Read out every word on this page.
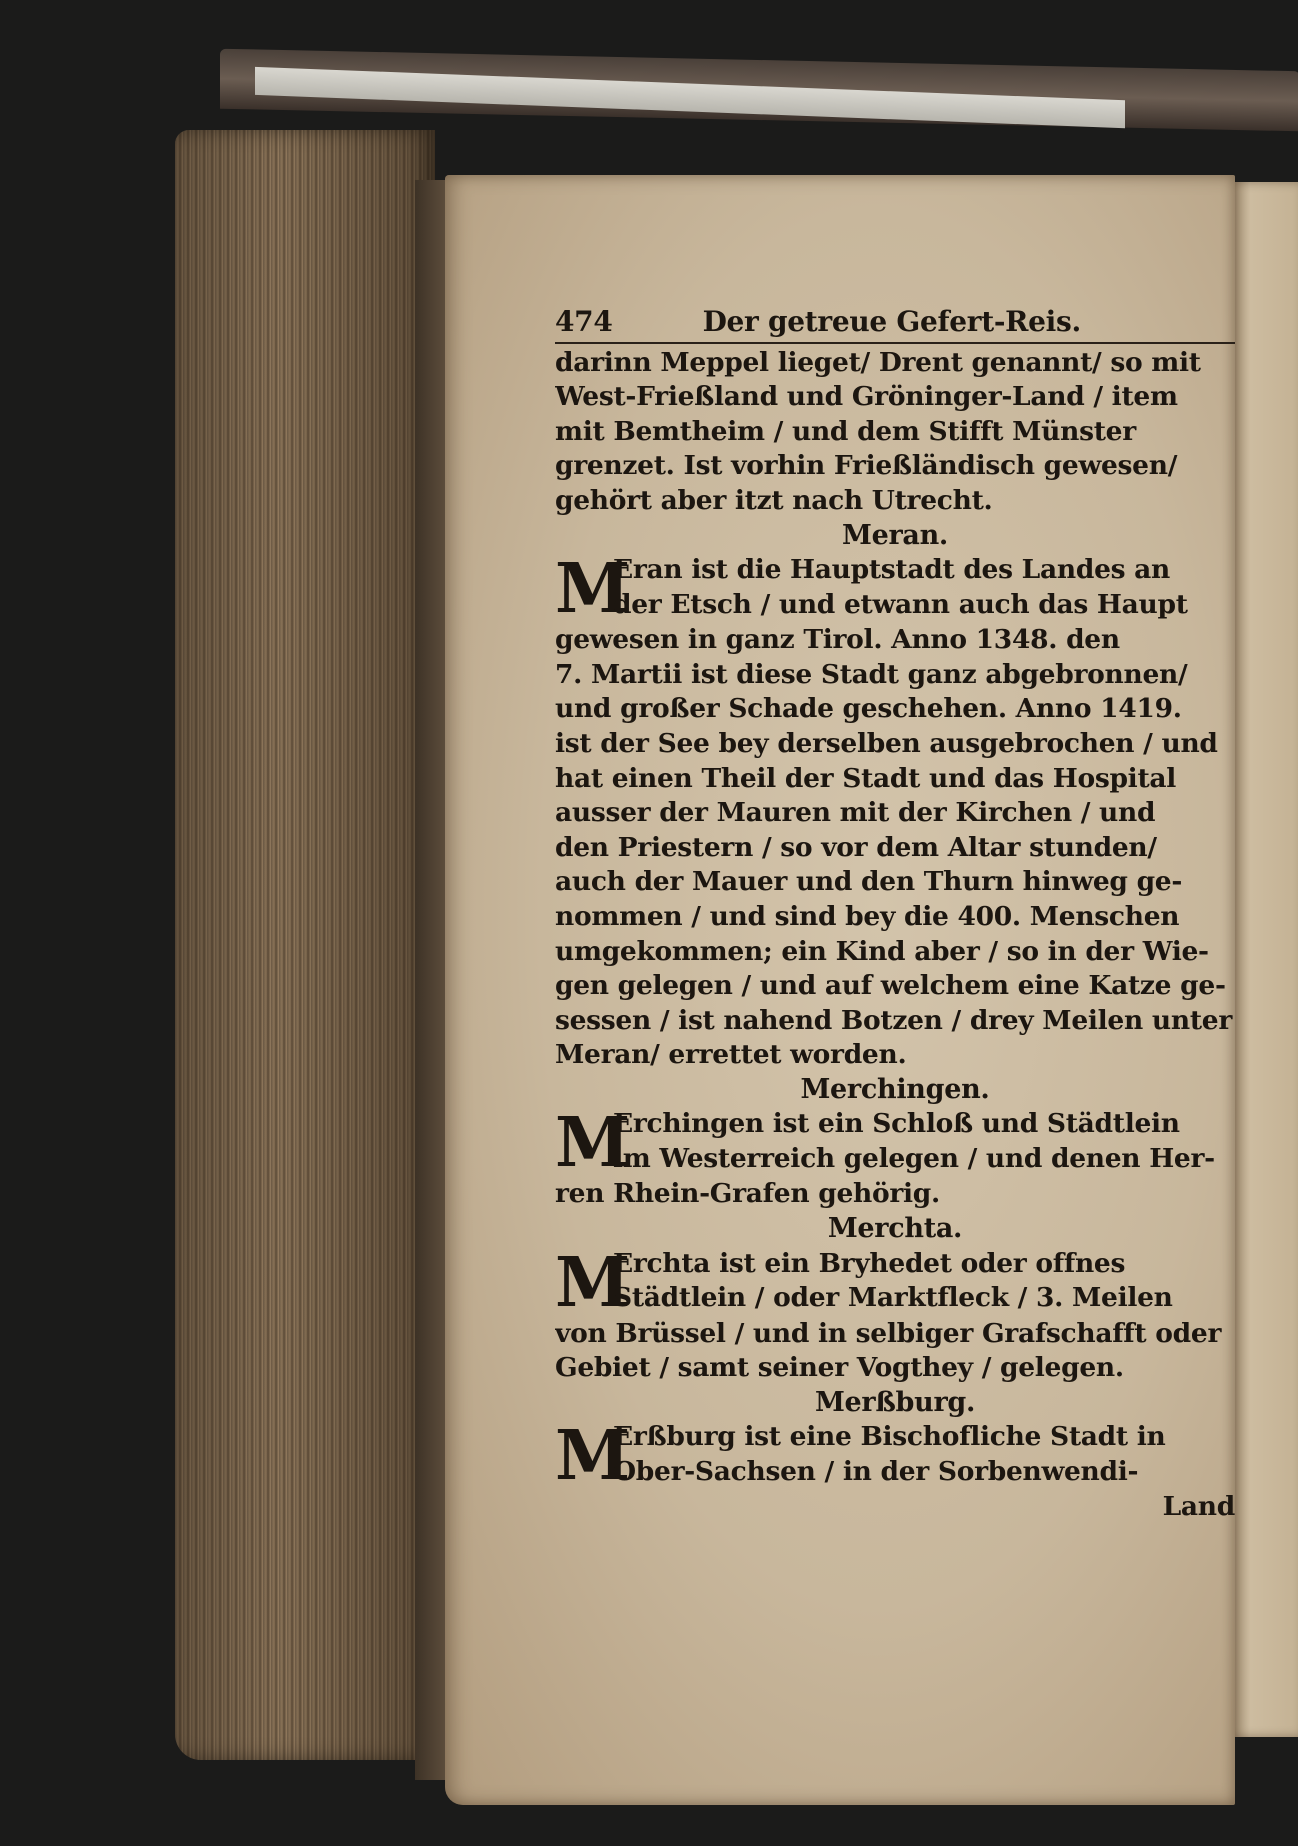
474	Der getreue Gefert-Reis.
darinn Meppel lieget/ Drent genannt/ so mit
West-Frießland und Gröninger-Land / item
mit Bemtheim / und dem Stifft Münster
grenzet. Ist vorhin Frießländisch gewesen/
gehört aber itzt nach Utrecht.
Meran.
M
Eran ist die Hauptstadt des Landes an
der Etsch / und etwann auch das Haupt
gewesen in ganz Tirol. Anno 1348. den
7. Martii ist diese Stadt ganz abgebronnen/
und großer Schade geschehen. Anno 1419.
ist der See bey derselben ausgebrochen / und
hat einen Theil der Stadt und das Hospital
ausser der Mauren mit der Kirchen / und
den Priestern / so vor dem Altar stunden/
auch der Mauer und den Thurn hinweg ge-
nommen / und sind bey die 400. Menschen
umgekommen; ein Kind aber / so in der Wie-
gen gelegen / und auf welchem eine Katze ge-
sessen / ist nahend Botzen / drey Meilen unter
Meran/ errettet worden.
Merchingen.
M
Erchingen ist ein Schloß und Städtlein
im Westerreich gelegen / und denen Her-
ren Rhein-Grafen gehörig.
Merchta.
M
Erchta ist ein Bryhedet oder offnes
Städtlein / oder Marktfleck / 3. Meilen
von Brüssel / und in selbiger Grafschafft oder
Gebiet / samt seiner Vogthey / gelegen.
Merßburg.
M
Erßburg ist eine Bischofliche Stadt in
Ober-Sachsen / in der Sorbenwendi-
Land
